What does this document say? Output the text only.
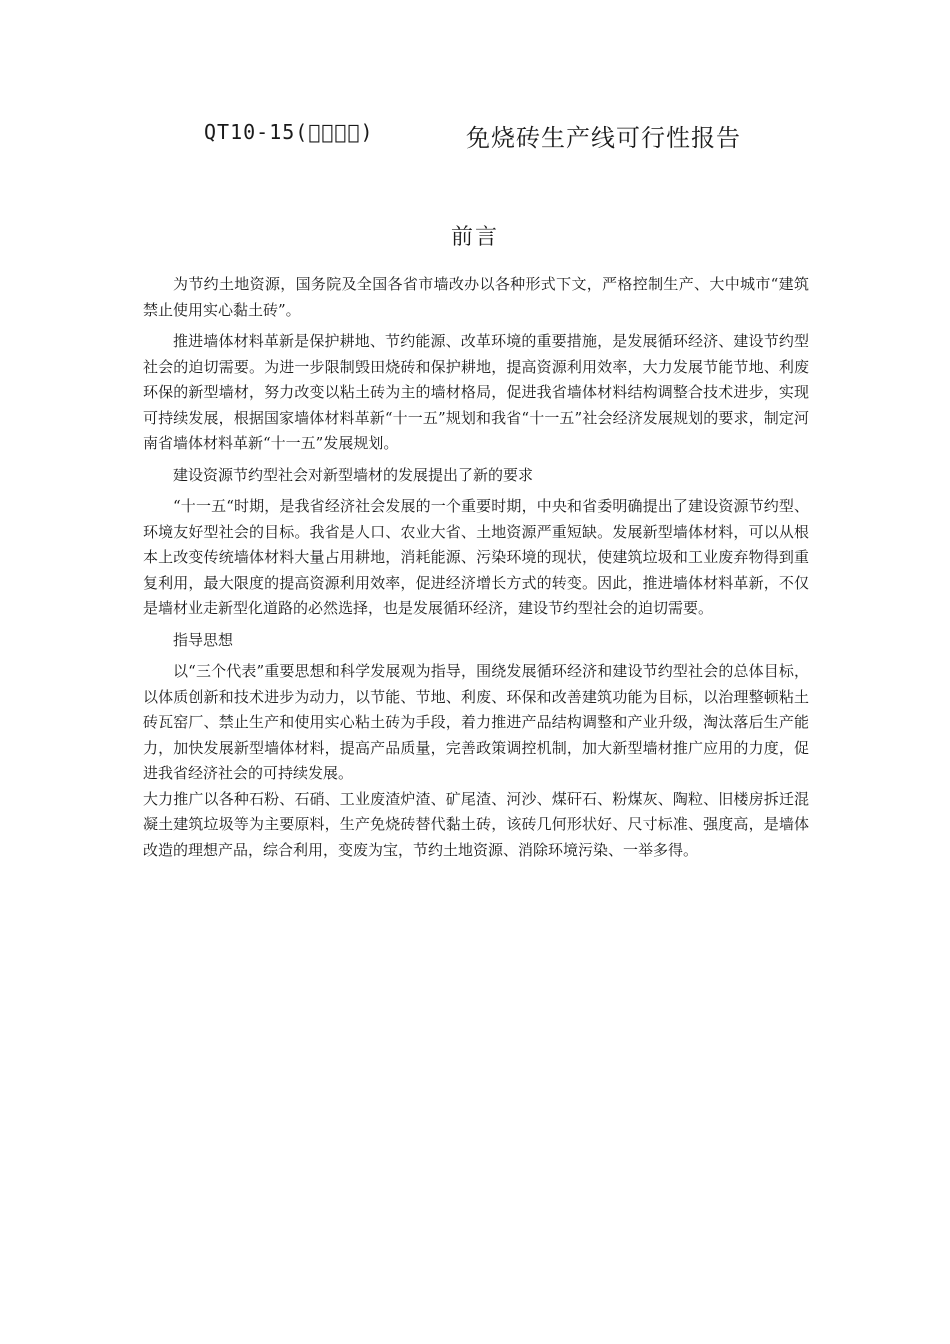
QT10-15(􀀀􀀀􀀀􀀀)	免烧砖生产线可行性报告
前言

为节约土地资源，国务院及全国各省市墙改办以各种形式下文，严格控制生产、大中城市“建筑禁止使用实心黏土砖”。

推进墙体材料革新是保护耕地、节约能源、改革环境的重要措施，是发展循环经济、建设节约型社会的迫切需要。为进一步限制毁田烧砖和保护耕地，提高资源利用效率，大力发展节能节地、利废环保的新型墙材，努力改变以粘土砖为主的墙材格局，促进我省墙体材料结构调整合技术进步，实现可持续发展，根据国家墙体材料革新“十一五”规划和我省“十一五”社会经济发展规划的要求，制定河南省墙体材料革新“十一五”发展规划。

建设资源节约型社会对新型墙材的发展提出了新的要求

“十一五“时期，是我省经济社会发展的一个重要时期，中央和省委明确提出了建设资源节约型、环境友好型社会的目标。我省是人口、农业大省、土地资源严重短缺。发展新型墙体材料，可以从根本上改变传统墙体材料大量占用耕地，消耗能源、污染环境的现状，使建筑垃圾和工业废弃物得到重复利用，最大限度的提高资源利用效率，促进经济增长方式的转变。因此，推进墙体材料革新，不仅是墙材业走新型化道路的必然选择，也是发展循环经济，建设节约型社会的迫切需要。

指导思想

以“三个代表”重要思想和科学发展观为指导，围绕发展循环经济和建设节约型社会的总体目标，以体质创新和技术进步为动力，以节能、节地、利废、环保和改善建筑功能为目标，以治理整顿粘土砖瓦窑厂、禁止生产和使用实心粘土砖为手段，着力推进产品结构调整和产业升级，淘汰落后生产能力，加快发展新型墙体材料，提高产品质量，完善政策调控机制，加大新型墙材推广应用的力度，促进我省经济社会的可持续发展。

大力推广以各种石粉、石硝、工业废渣炉渣、矿尾渣、河沙、煤矸石、粉煤灰、陶粒、旧楼房拆迁混凝土建筑垃圾等为主要原料，生产免烧砖替代黏土砖，该砖几何形状好、尺寸标准、强度高，是墙体改造的理想产品，综合利用，变废为宝，节约土地资源、消除环境污染、一举多得。
